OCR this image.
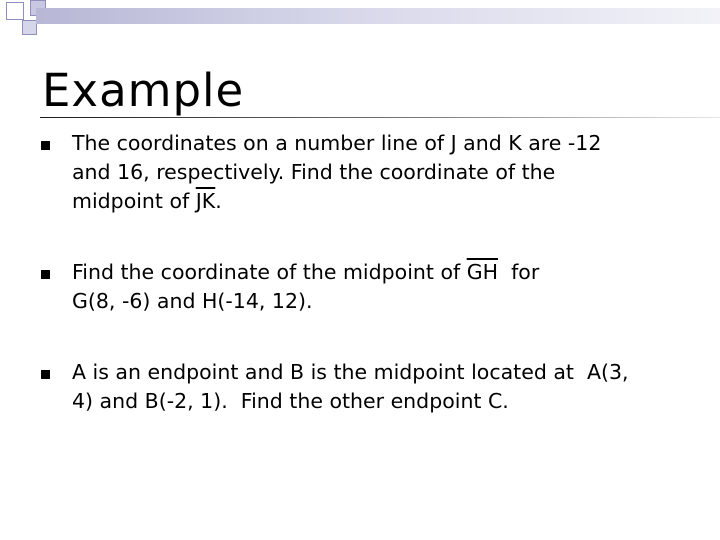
Example

The coordinates on a number line of J and K are -12
and 16, respectively. Find the coordinate of the
midpoint of $\overline{JK}$.

Find the coordinate of the midpoint of $\overline{GH}$  for
G(8, -6) and H(-14, 12).

A is an endpoint and B is the midpoint located at  A(3,
4) and B(-2, 1).  Find the other endpoint C.
